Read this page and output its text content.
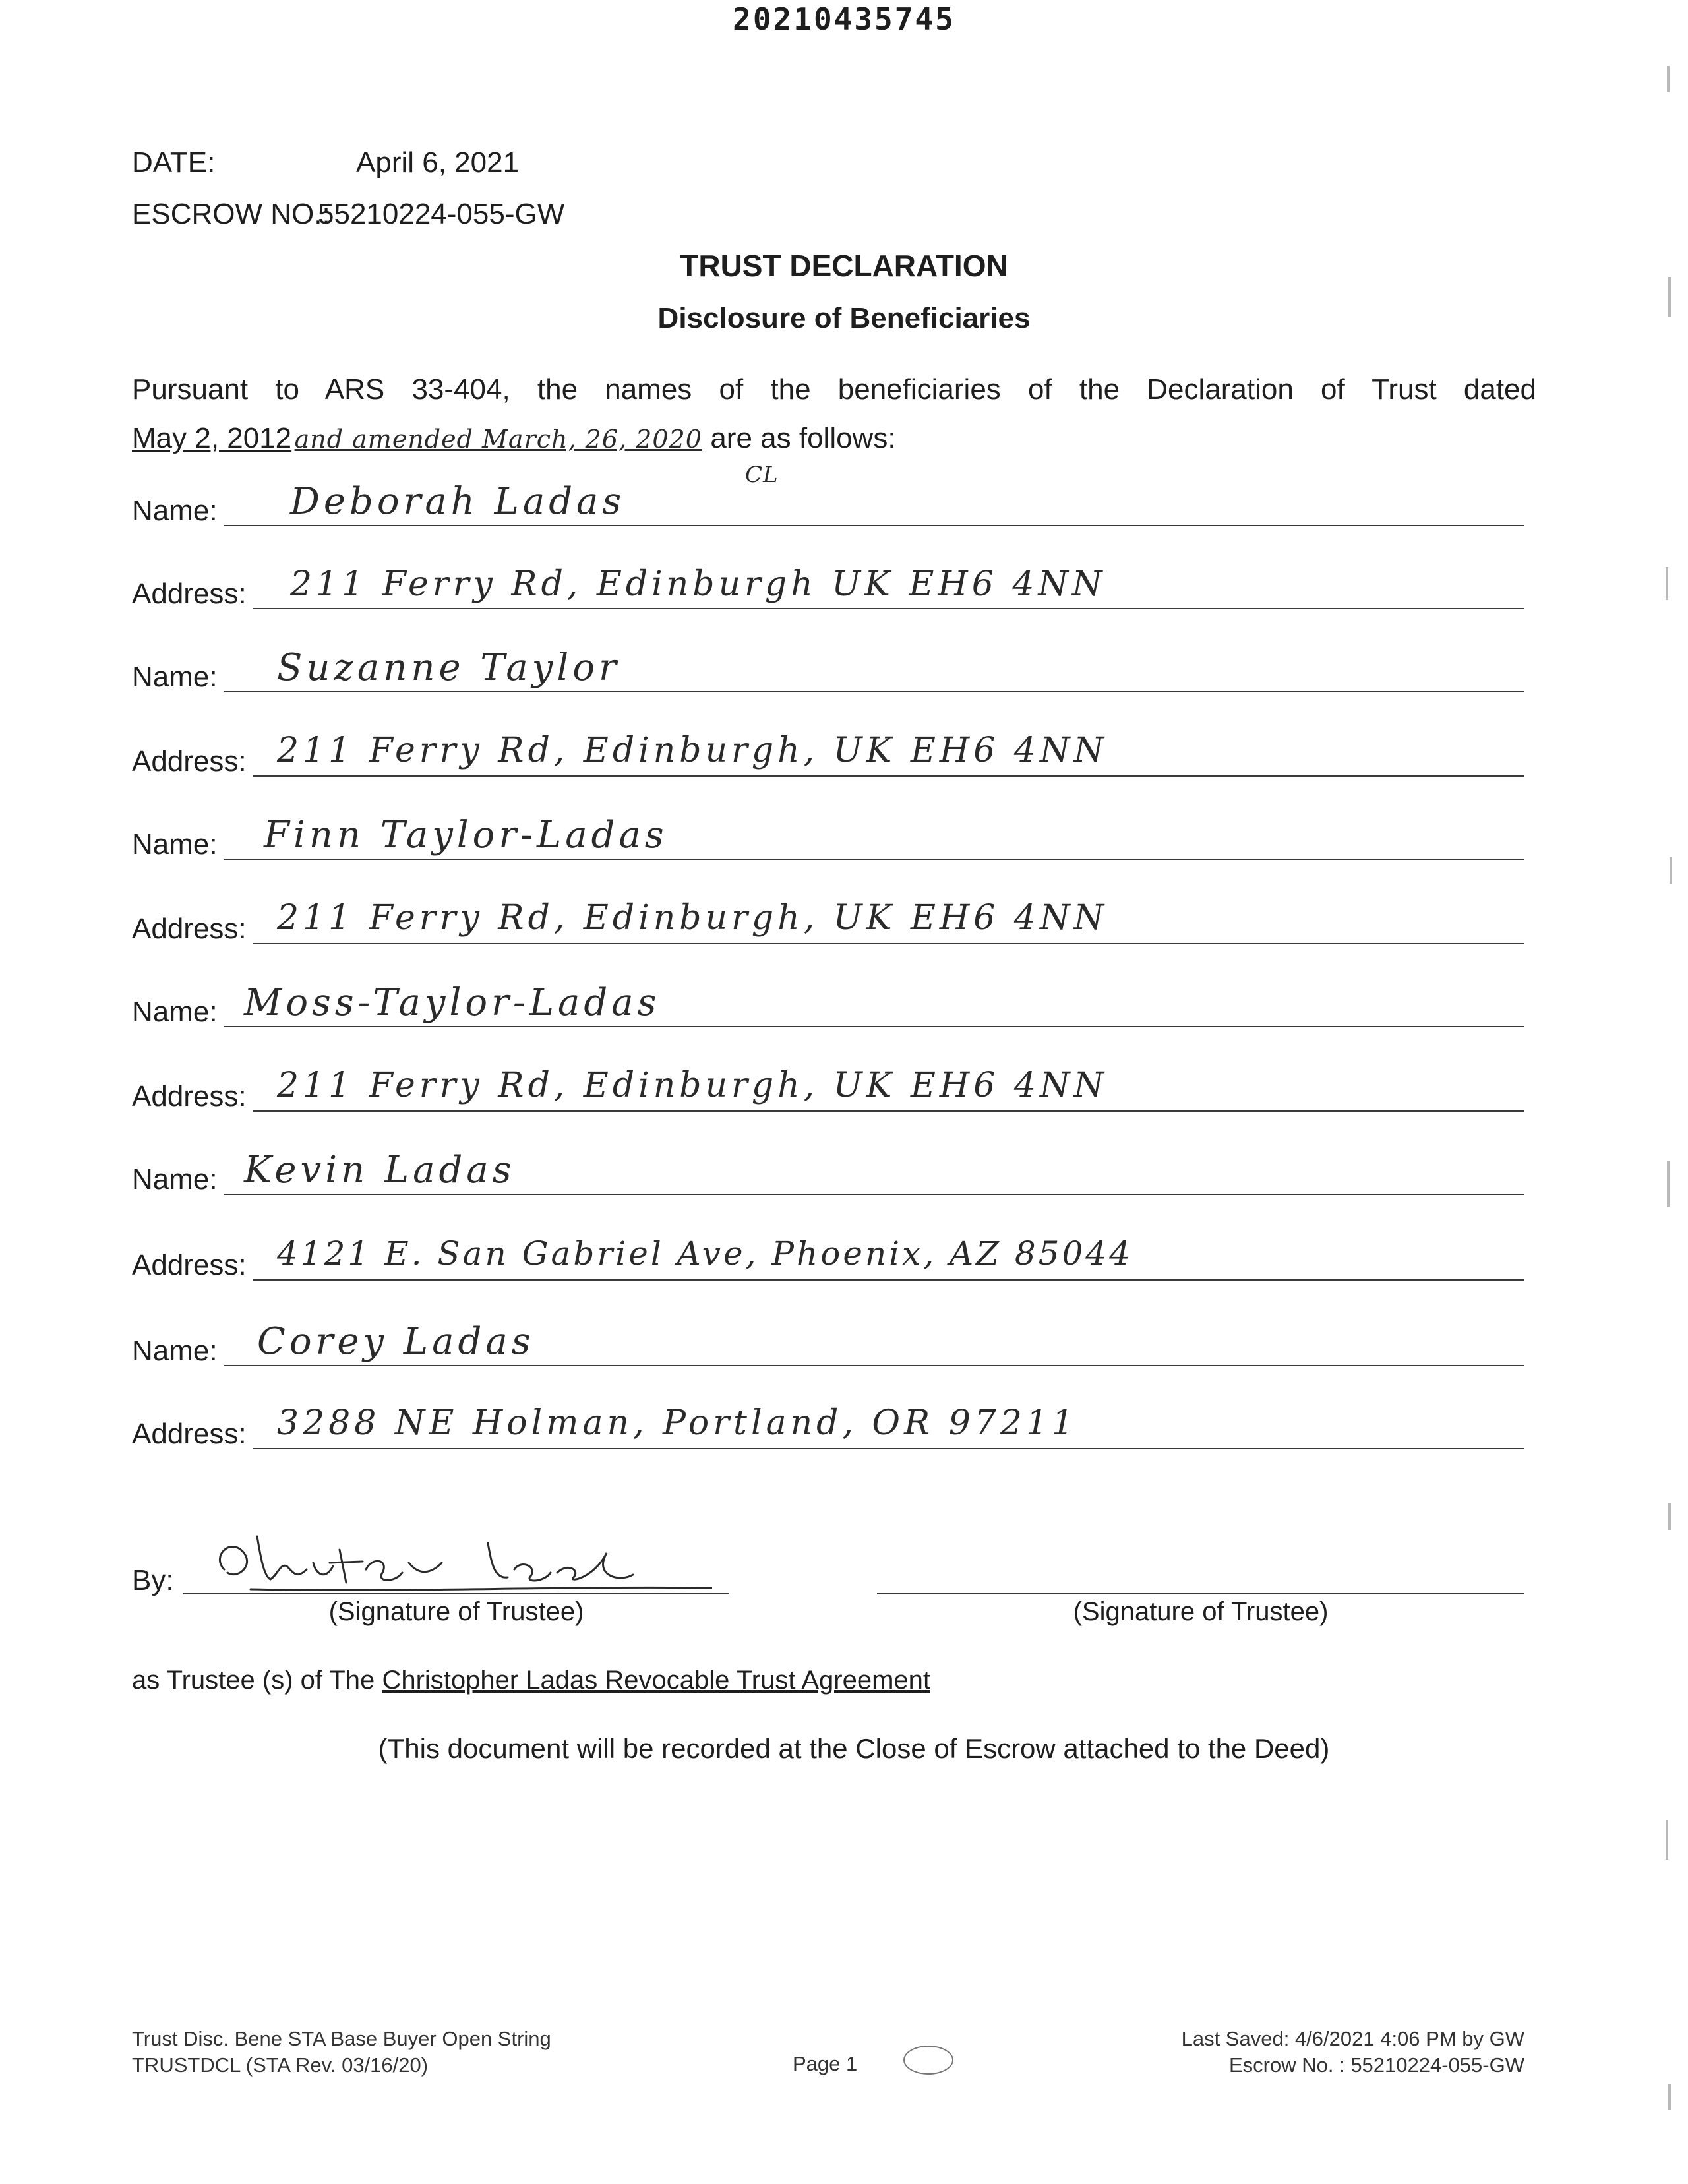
20210435745
DATE:	April 6, 2021
ESCROW NO.:
55210224-055-GW
TRUST DECLARATION
Disclosure of Beneficiaries
Pursuant to ARS 33-404, the names of the beneficiaries of the Declaration of Trust dated
May 2, 2012 and amended March, 26, 2020 are as follows:
CL
Name: Deborah Ladas
Address: 211 Ferry Rd, Edinburgh UK EH6 4NN
Name: Suzanne Taylor
Address: 211 Ferry Rd, Edinburgh, UK EH6 4NN
Name: Finn Taylor-Ladas
Address: 211 Ferry Rd, Edinburgh, UK EH6 4NN
Name: Moss-Taylor-Ladas
Address: 211 Ferry Rd, Edinburgh, UK EH6 4NN
Name: Kevin Ladas
Address: 4121 E. San Gabriel Ave, Phoenix, AZ 85044
Name: Corey Ladas
Address: 3288 NE Holman, Portland, OR 97211
By:
(Signature of Trustee)	(Signature of Trustee)
as Trustee (s) of The Christopher Ladas Revocable Trust Agreement
(This document will be recorded at the Close of Escrow attached to the Deed)
Trust Disc. Bene STA Base Buyer Open String
TRUSTDCL (STA Rev. 03/16/20)	Page 1
Last Saved: 4/6/2021 4:06 PM by GW
Escrow No. : 55210224-055-GW
